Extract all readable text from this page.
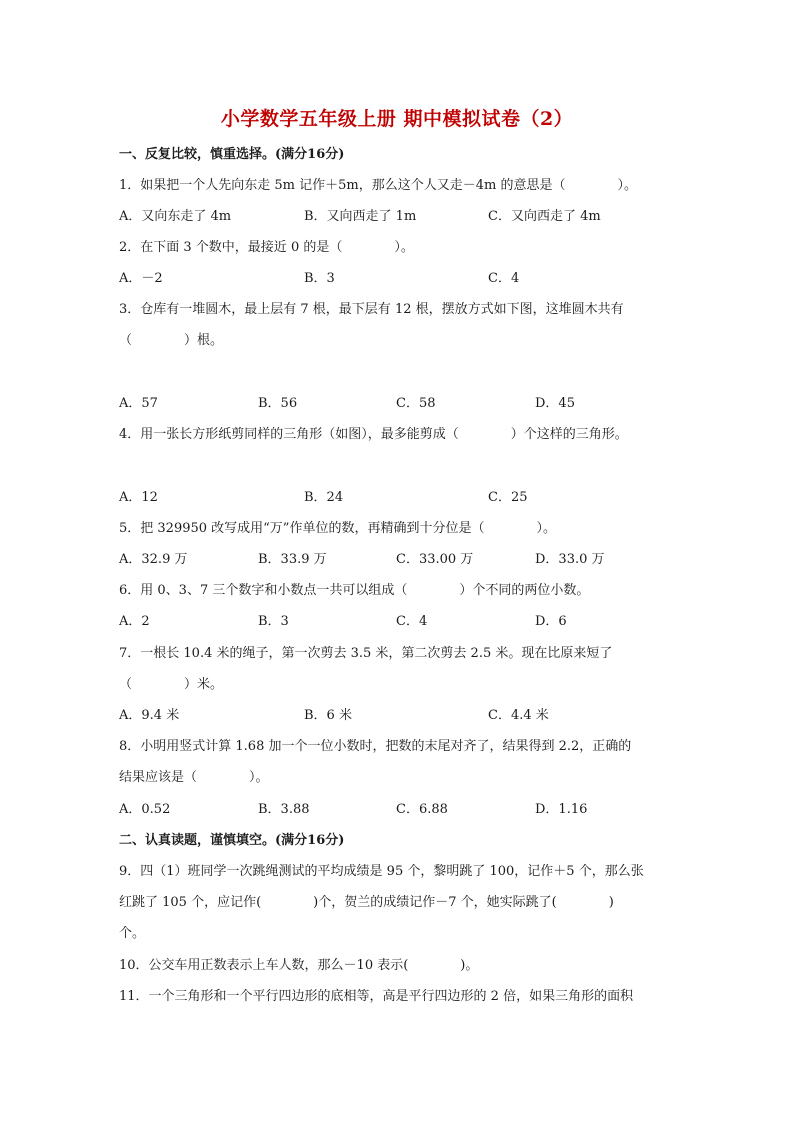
小学数学五年级上册 期中模拟试卷（2）
一、反复比较，慎重选择。(满分16分)
1．如果把一个人先向东走 5m 记作＋5m，那么这个人又走－4m 的意思是（　　　　）。
A．又向东走了 4m	B．又向西走了 1m	C．又向西走了 4m
2．在下面 3 个数中，最接近 0 的是（　　　　）。
A．－2	B．3	C．4
3．仓库有一堆圆木，最上层有 7 根，最下层有 12 根，摆放方式如下图，这堆圆木共有
（　　　　）根。
A．57	B．56	C．58	D．45
4．用一张长方形纸剪同样的三角形（如图），最多能剪成（　　　　）个这样的三角形。
A．12	B．24	C．25
5．把 329950 改写成用“万”作单位的数，再精确到十分位是（　　　　）。
A．32.9 万	B．33.9 万	C．33.00 万	D．33.0 万
6．用 0、3、7 三个数字和小数点一共可以组成（　　　　）个不同的两位小数。
A．2	B．3	C．4	D．6
7．一根长 10.4 米的绳子，第一次剪去 3.5 米，第二次剪去 2.5 米。现在比原来短了
（　　　　）米。
A．9.4 米	B．6 米	C．4.4 米
8．小明用竖式计算 1.68 加一个一位小数时，把数的末尾对齐了，结果得到 2.2，正确的
结果应该是（　　　　）。
A．0.52	B．3.88	C．6.88	D．1.16
二、认真读题，谨慎填空。(满分16分)
9．四（1）班同学一次跳绳测试的平均成绩是 95 个，黎明跳了 100，记作＋5 个，那么张
红跳了 105 个，应记作(　　　　)个，贺兰的成绩记作－7 个，她实际跳了(　　　　)
个。
10．公交车用正数表示上车人数，那么－10 表示(　　　　)。
11．一个三角形和一个平行四边形的底相等，高是平行四边形的 2 倍，如果三角形的面积
